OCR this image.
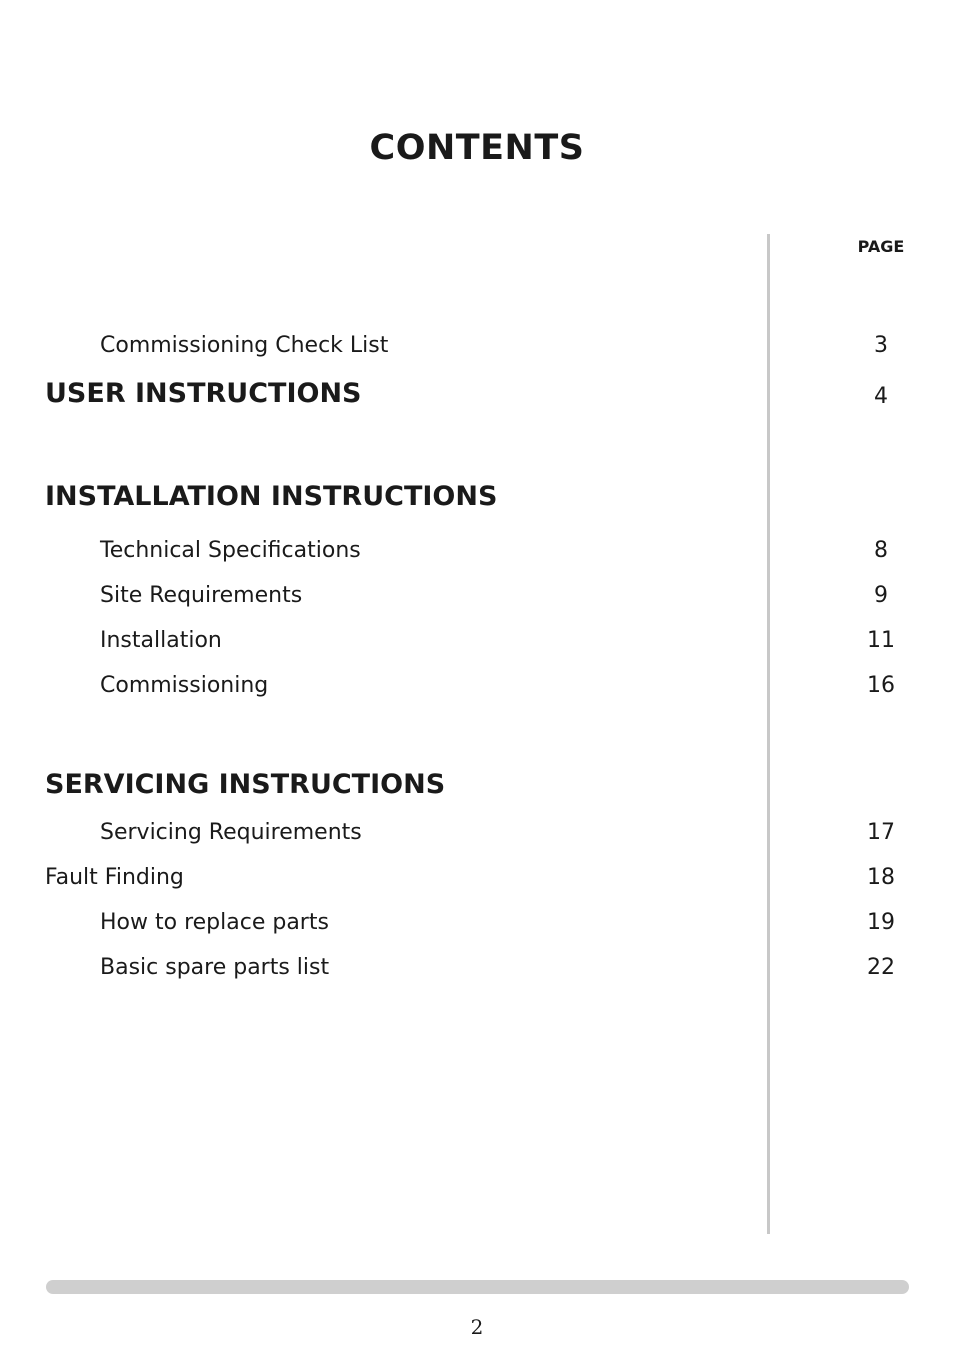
CONTENTS
PAGE
Commissioning Check List	3
USER INSTRUCTIONS	4
INSTALLATION INSTRUCTIONS
Technical Specifications	8
Site Requirements	9
Installation	11
Commissioning	16
SERVICING INSTRUCTIONS
Servicing Requirements	17
Fault Finding	18
How to replace parts	19
Basic spare parts list	22
2
